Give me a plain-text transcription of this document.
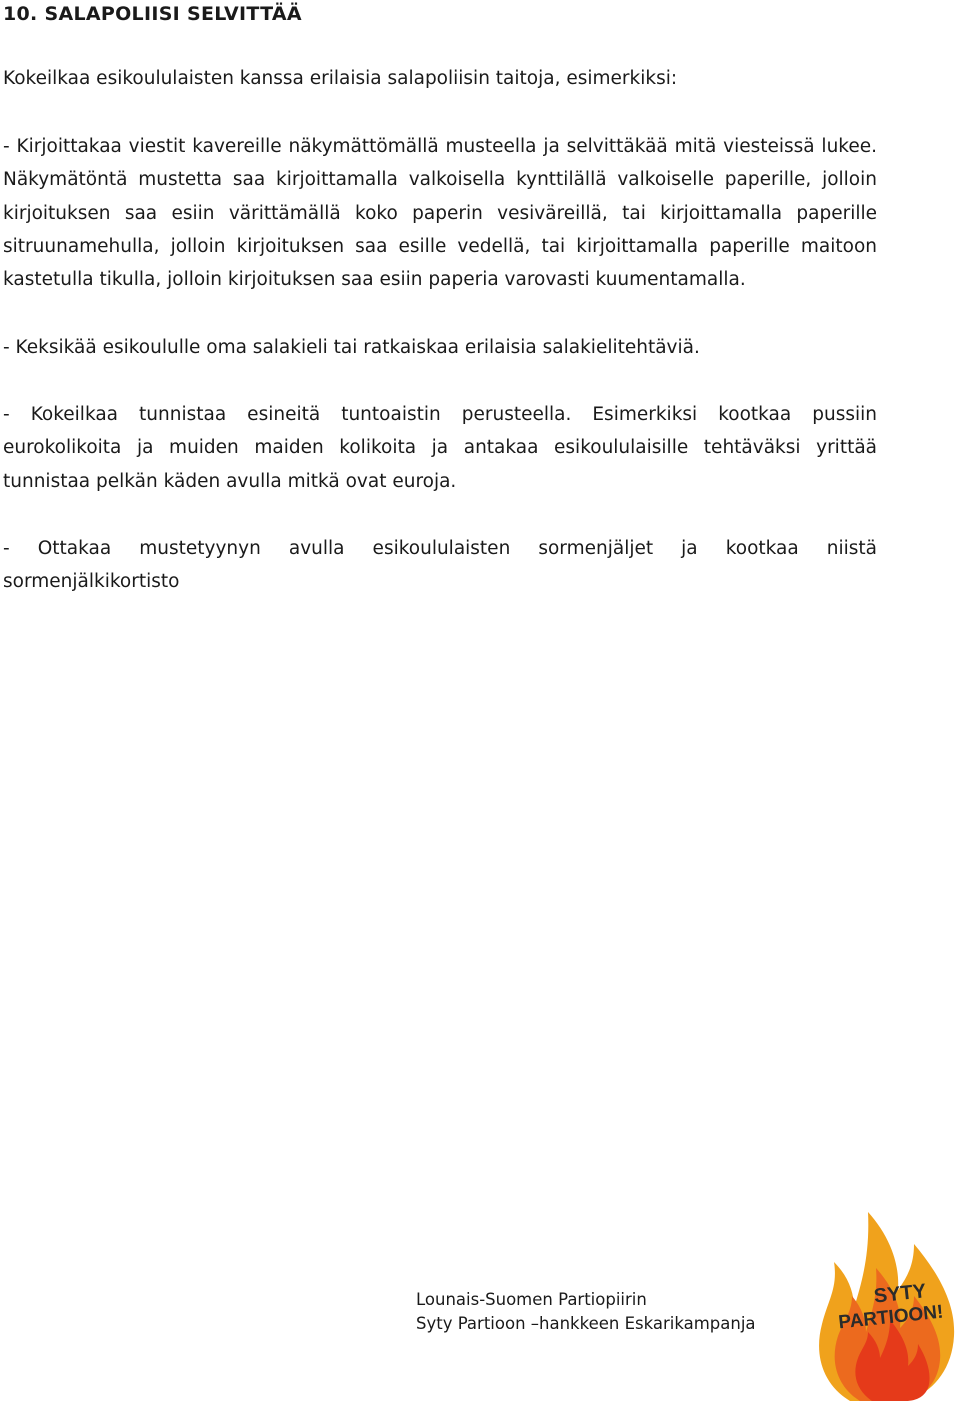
10. SALAPOLIISI SELVITTÄÄ
Kokeilkaa esikoululaisten kanssa erilaisia salapoliisin taitoja, esimerkiksi:
- Kirjoittakaa viestit kavereille näkymättömällä musteella ja selvittäkää mitä viesteissä lukee. Näkymätöntä mustetta saa kirjoittamalla valkoisella kynttilällä valkoiselle paperille, jolloin kirjoituksen saa esiin värittämällä koko paperin vesiväreillä, tai kirjoittamalla paperille sitruunamehulla, jolloin kirjoituksen saa esille vedellä, tai kirjoittamalla paperille maitoon kastetulla tikulla, jolloin kirjoituksen saa esiin paperia varovasti kuumentamalla.
- Keksikää esikoululle oma salakieli tai ratkaiskaa erilaisia salakielitehtäviä.
- Kokeilkaa tunnistaa esineitä tuntoaistin perusteella. Esimerkiksi kootkaa pussiin eurokolikoita ja muiden maiden kolikoita ja antakaa esikoululaisille tehtäväksi yrittää tunnistaa pelkän käden avulla mitkä ovat euroja.
- Ottakaa mustetyynyn avulla esikoululaisten sormenjäljet ja kootkaa niistä sormenjälkikortisto
Lounais-Suomen Partiopiirin
Syty Partioon –hankkeen Eskarikampanja
SYTY
PARTIOON!
